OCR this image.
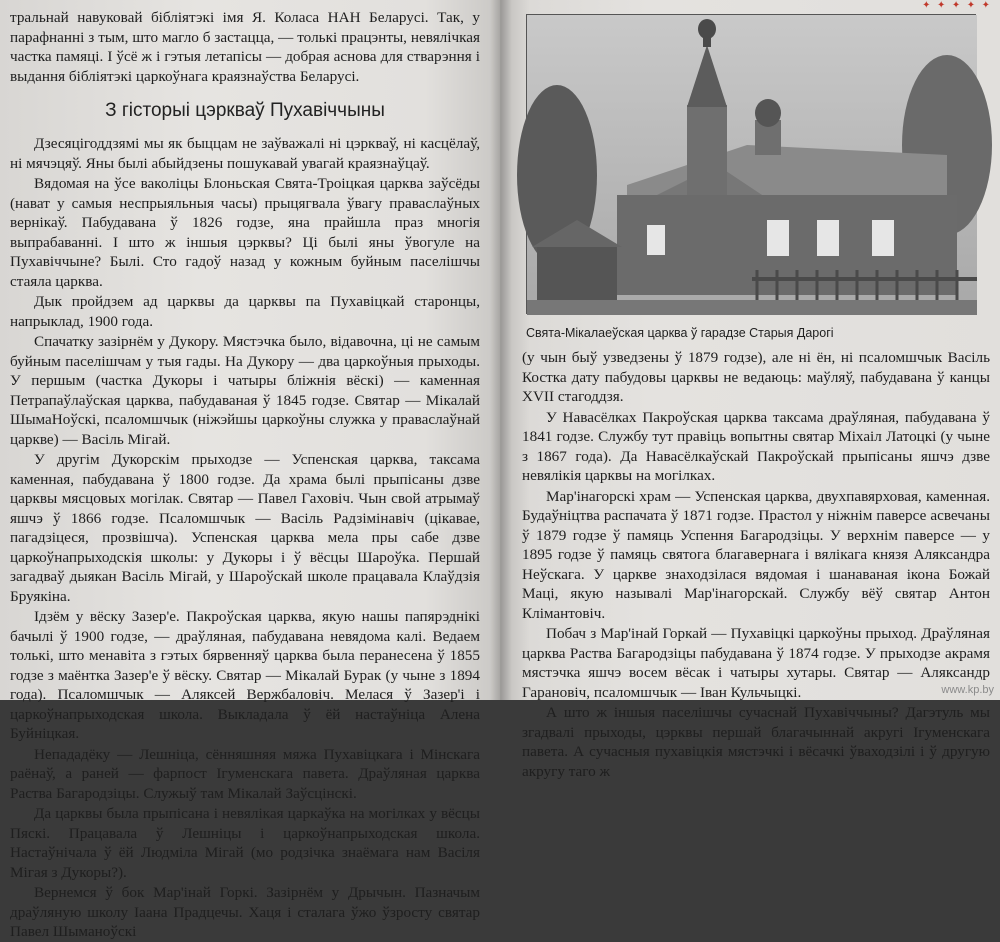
тральнай навуковай бібліятэкі імя Я. Коласа НАН Беларусі. Так, у парафнанні з тым, што магло б застацца, — толькі працэнты, невялічкая частка памяці. І ўсё ж і гэтыя летапісы — добрая аснова для стварэння і выдання бібліятэкі царкоўнага краязнаўства Беларусі.

З гісторыі цэркваў Пухавіччыны

Дзесяцігоддзямі мы як быццам не заўважалі ні цэркваў, ні касцёлаў, ні мячэцяў. Яны былі абыйдзены пошукавай увагай краязнаўцаў.

Вядомая на ўсе ваколіцы Блоньская Свята-Троіцкая царква заўсёды (нават у самыя неспрыяльныя часы) прыцягвала ўвагу праваслаўных вернікаў. Пабудавана ў 1826 годзе, яна прайшла праз многія выпрабаванні. І што ж іншыя цэрквы? Ці былі яны ўвогуле на Пухавіччыне? Былі. Сто гадоў назад у кожным буйным паселішчы стаяла царква.

Дык пройдзем ад царквы да царквы па Пухавіцкай старонцы, напрыклад, 1900 года.

Спачатку зазірнём у Дукору. Мястэчка было, відавочна, ці не самым буйным паселішчам у тыя гады. На Дукору — два царкоўныя прыходы. У першым (частка Дукоры і чатыры бліжнія вёскі) — каменная Петрапаўлаўская царква, пабудаваная ў 1845 годзе. Святар — Мікалай ШымаНоўскі, псаломшчык (ніжэйшы царкоўны служка у праваслаўнай царкве) — Васіль Мігай.

У другім Дукорскім прыходзе — Успенская царква, таксама каменная, пабудавана ў 1800 годзе. Да храма былі прыпісаны дзве царквы мясцовых могілак. Святар — Павел Гаховіч. Чын свой атрымаў яшчэ ў 1866 годзе. Псаломшчык — Васіль Радзімінавіч (цікавае, пагадзіцеся, прозвішча). Успенская царква мела пры сабе дзве царкоўнапрыходскія школы: у Дукоры і ў вёсцы Шароўка. Першай загадваў дыякан Васіль Мігай, у Шароўскай школе працавала Клаўдзія Бруякіна.

Ідзём у вёску Зазер'е. Пакроўская царква, якую нашы папярэднікі бачылі ў 1900 годзе, — драўляная, пабудавана невядома калі. Ведаем толькі, што менавіта з гэтых бярвенняў царква была перанесена ў 1855 годзе з маёнтка Зазер'е ў вёску. Святар — Мікалай Бурак (у чыне з 1894 года). Псаломшчык — Аляксей Вержбаловіч. Мелася ў Зазер'і і царкоўнапрыходская школа. Выкладала ў ёй настаўніца Алена Буйніцкая.

Непададёку — Лешніца, сённяшняя мяжа Пухавіцкага і Мінскага раёнаў, а раней — фарпост Ігуменскага павета. Драўляная царква Раства Багародзіцы. Служыў там Мікалай Заўсцінскі.

Да царквы была прыпісана і невялікая царкаўка на могілках у вёсцы Пяскі. Працавала ў Лешніцы і царкоўнапрыходская школа. Настаўнічала ў ёй Людміла Мігай (мо родзічка знаёмага нам Васіля Мігая з Дукоры?).

Вернемся ў бок Мар'інай Горкі. Зазірнём у Дрычын. Пазначым драўляную школу Іаана Прадцечы. Хаця і сталага ўжо ўзросту святар Павел Шыманоўскі

✦ ✦ ✦ ✦ ✦
Свята-Мікалаеўская царква ў гарадзе Старыя Дарогі

(у чын быў узведзены ў 1879 годзе), але ні ён, ні псаломшчык Васіль Костка дату пабудовы царквы не ведаюць: маўляў, пабудавана ў канцы XVII стагоддзя.

У Навасёлках Пакроўская царква таксама драўляная, пабудавана ў 1841 годзе. Службу тут правіць вопытны святар Міхаіл Латоцкі (у чыне з 1867 года). Да Навасёлкаўскай Пакроўскай прыпісаны яшчэ дзве невялікія царквы на могілках.

Мар'інагорскі храм — Успенская царква, двухпавярховая, каменная. Будаўніцтва распачата ў 1871 годзе. Прастол у ніжнім паверсе асвечаны ў 1879 годзе ў памяць Успення Багародзіцы. У верхнім паверсе — у 1895 годзе ў памяць святога благавернага і вялікага князя Аляксандра Неўскага. У царкве знаходзілася вядомая і шанаваная ікона Божай Маці, якую называлі Мар'інагорскай. Службу вёў святар Антон Клімантовіч.

Побач з Мар'інай Горкай — Пухавіцкі царкоўны прыход. Драўляная царква Раства Багародзіцы пабудавана ў 1874 годзе. У прыходзе акрамя мястэчка яшчэ восем вёсак і чатыры хутары. Святар — Аляксандр Гарановіч, псаломшчык — Іван Кульчыцкі.

А што ж іншыя паселішчы сучаснай Пухавіччыны? Дагэтуль мы згадвалі прыходы, цэрквы першай благачыннай акругі Ігуменскага павета. А сучасныя пухавіцкія мястэчкі і вёсачкі ўваходзілі і ў другую акругу таго ж

www.kp.by
